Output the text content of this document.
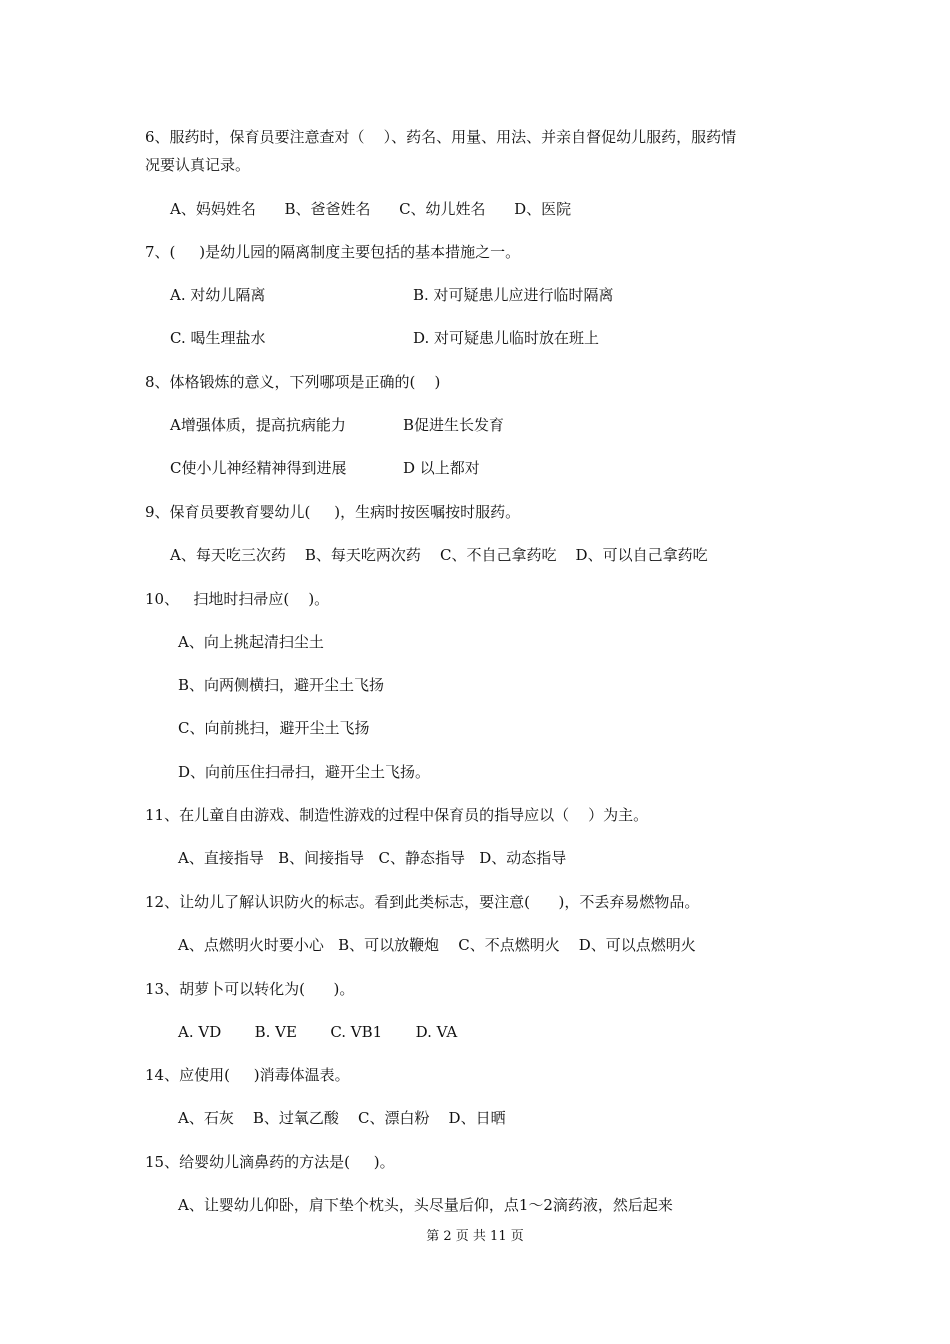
6、服药时，保育员要注意查对（    ）、药名、用量、用法、并亲自督促幼儿服药，服药情
况要认真记录。
A、妈妈姓名      B、爸爸姓名      C、幼儿姓名      D、医院
7、(     )是幼儿园的隔离制度主要包括的基本措施之一。
A. 对幼儿隔离	B. 对可疑患儿应进行临时隔离
C. 喝生理盐水	D. 对可疑患儿临时放在班上
8、体格锻炼的意义，下列哪项是正确的(    )
A增强体质，提高抗病能力	B促进生长发育
C使小儿神经精神得到进展	D 以上都对
9、保育员要教育婴幼儿(     )，生病时按医嘱按时服药。
A、每天吃三次药    B、每天吃两次药    C、不自己拿药吃    D、可以自己拿药吃
10、   扫地时扫帚应(    )。
A、向上挑起清扫尘土
B、向两侧横扫，避开尘土飞扬
C、向前挑扫，避开尘土飞扬
D、向前压住扫帚扫，避开尘土飞扬。
11、在儿童自由游戏、制造性游戏的过程中保育员的指导应以（    ）为主。
A、直接指导   B、间接指导   C、静态指导   D、动态指导
12、让幼儿了解认识防火的标志。看到此类标志，要注意(      )，不丢弃易燃物品。
A、点燃明火时要小心   B、可以放鞭炮    C、不点燃明火    D、可以点燃明火
13、胡萝卜可以转化为(      )。
A. VD       B. VE       C. VB1       D. VA
14、应使用(     )消毒体温表。
A、石灰    B、过氧乙酸    C、漂白粉    D、日晒
15、给婴幼儿滴鼻药的方法是(     )。
A、让婴幼儿仰卧，肩下垫个枕头，头尽量后仰，点1～2滴药液，然后起来
第 2 页 共 11 页
